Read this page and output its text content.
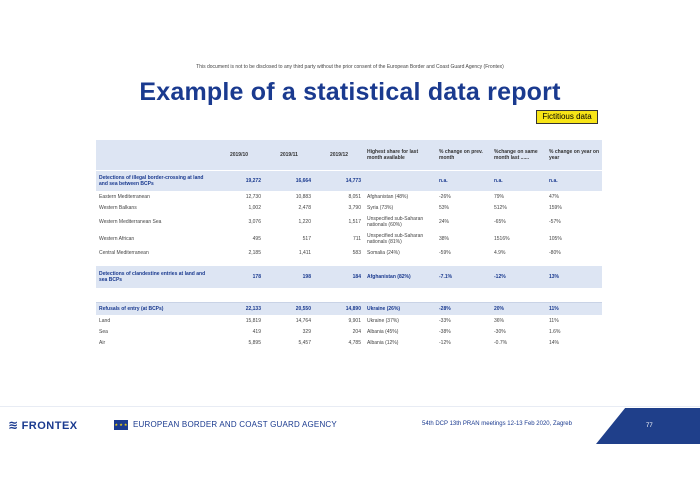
This document is not to be disclosed to any third party without the prior consent of the European Border and Coast Guard Agency (Frontex)
Example of a statistical data report
Fictitious data
	2019/10	2019/11	2019/12	Highest share for last month available	% change on prev. month	%change on same month last ......	% change on year on year
Detections of illegal border-crossing at land and sea between BCPs	19,272	16,664	14,773		n.a.	n.a.	n.a.
Eastern Mediterranean	12,730	10,883	8,051	Afghanistan (48%)	-26%	79%	47%
Western Balkans	1,002	2,478	3,790	Syria (73%)	53%	512%	159%
Western Mediterranean Sea	3,076	1,220	1,517	Unspecified sub-Saharan nationals (60%)	24%	-65%	-57%
Western African	495	517	711	Unspecified sub-Saharan nationals (81%)	38%	1516%	105%
Central Mediterranean	2,185	1,411	583	Somalia (24%)	-59%	4.9%	-80%

Detections of clandestine entries at land and sea BCPs	178	198	184	Afghanistan (82%)	-7.1%	-12%	13%

Refusals of entry (at BCPs)	22,133	20,550	14,890	Ukraine (26%)	-28%	20%	11%
Land	15,819	14,764	9,901	Ukraine (37%)	-33%	36%	11%
Sea	419	329	204	Albania (45%)	-38%	-30%	1.6%
Air	5,895	5,457	4,785	Albania (12%)	-12%	-0.7%	14%
≋ FRONTEX	★ ★ ★ EUROPEAN BORDER AND COAST GUARD AGENCY	54th DCP 13th PRAN meetings 12-13 Feb 2020, Zagreb	77
